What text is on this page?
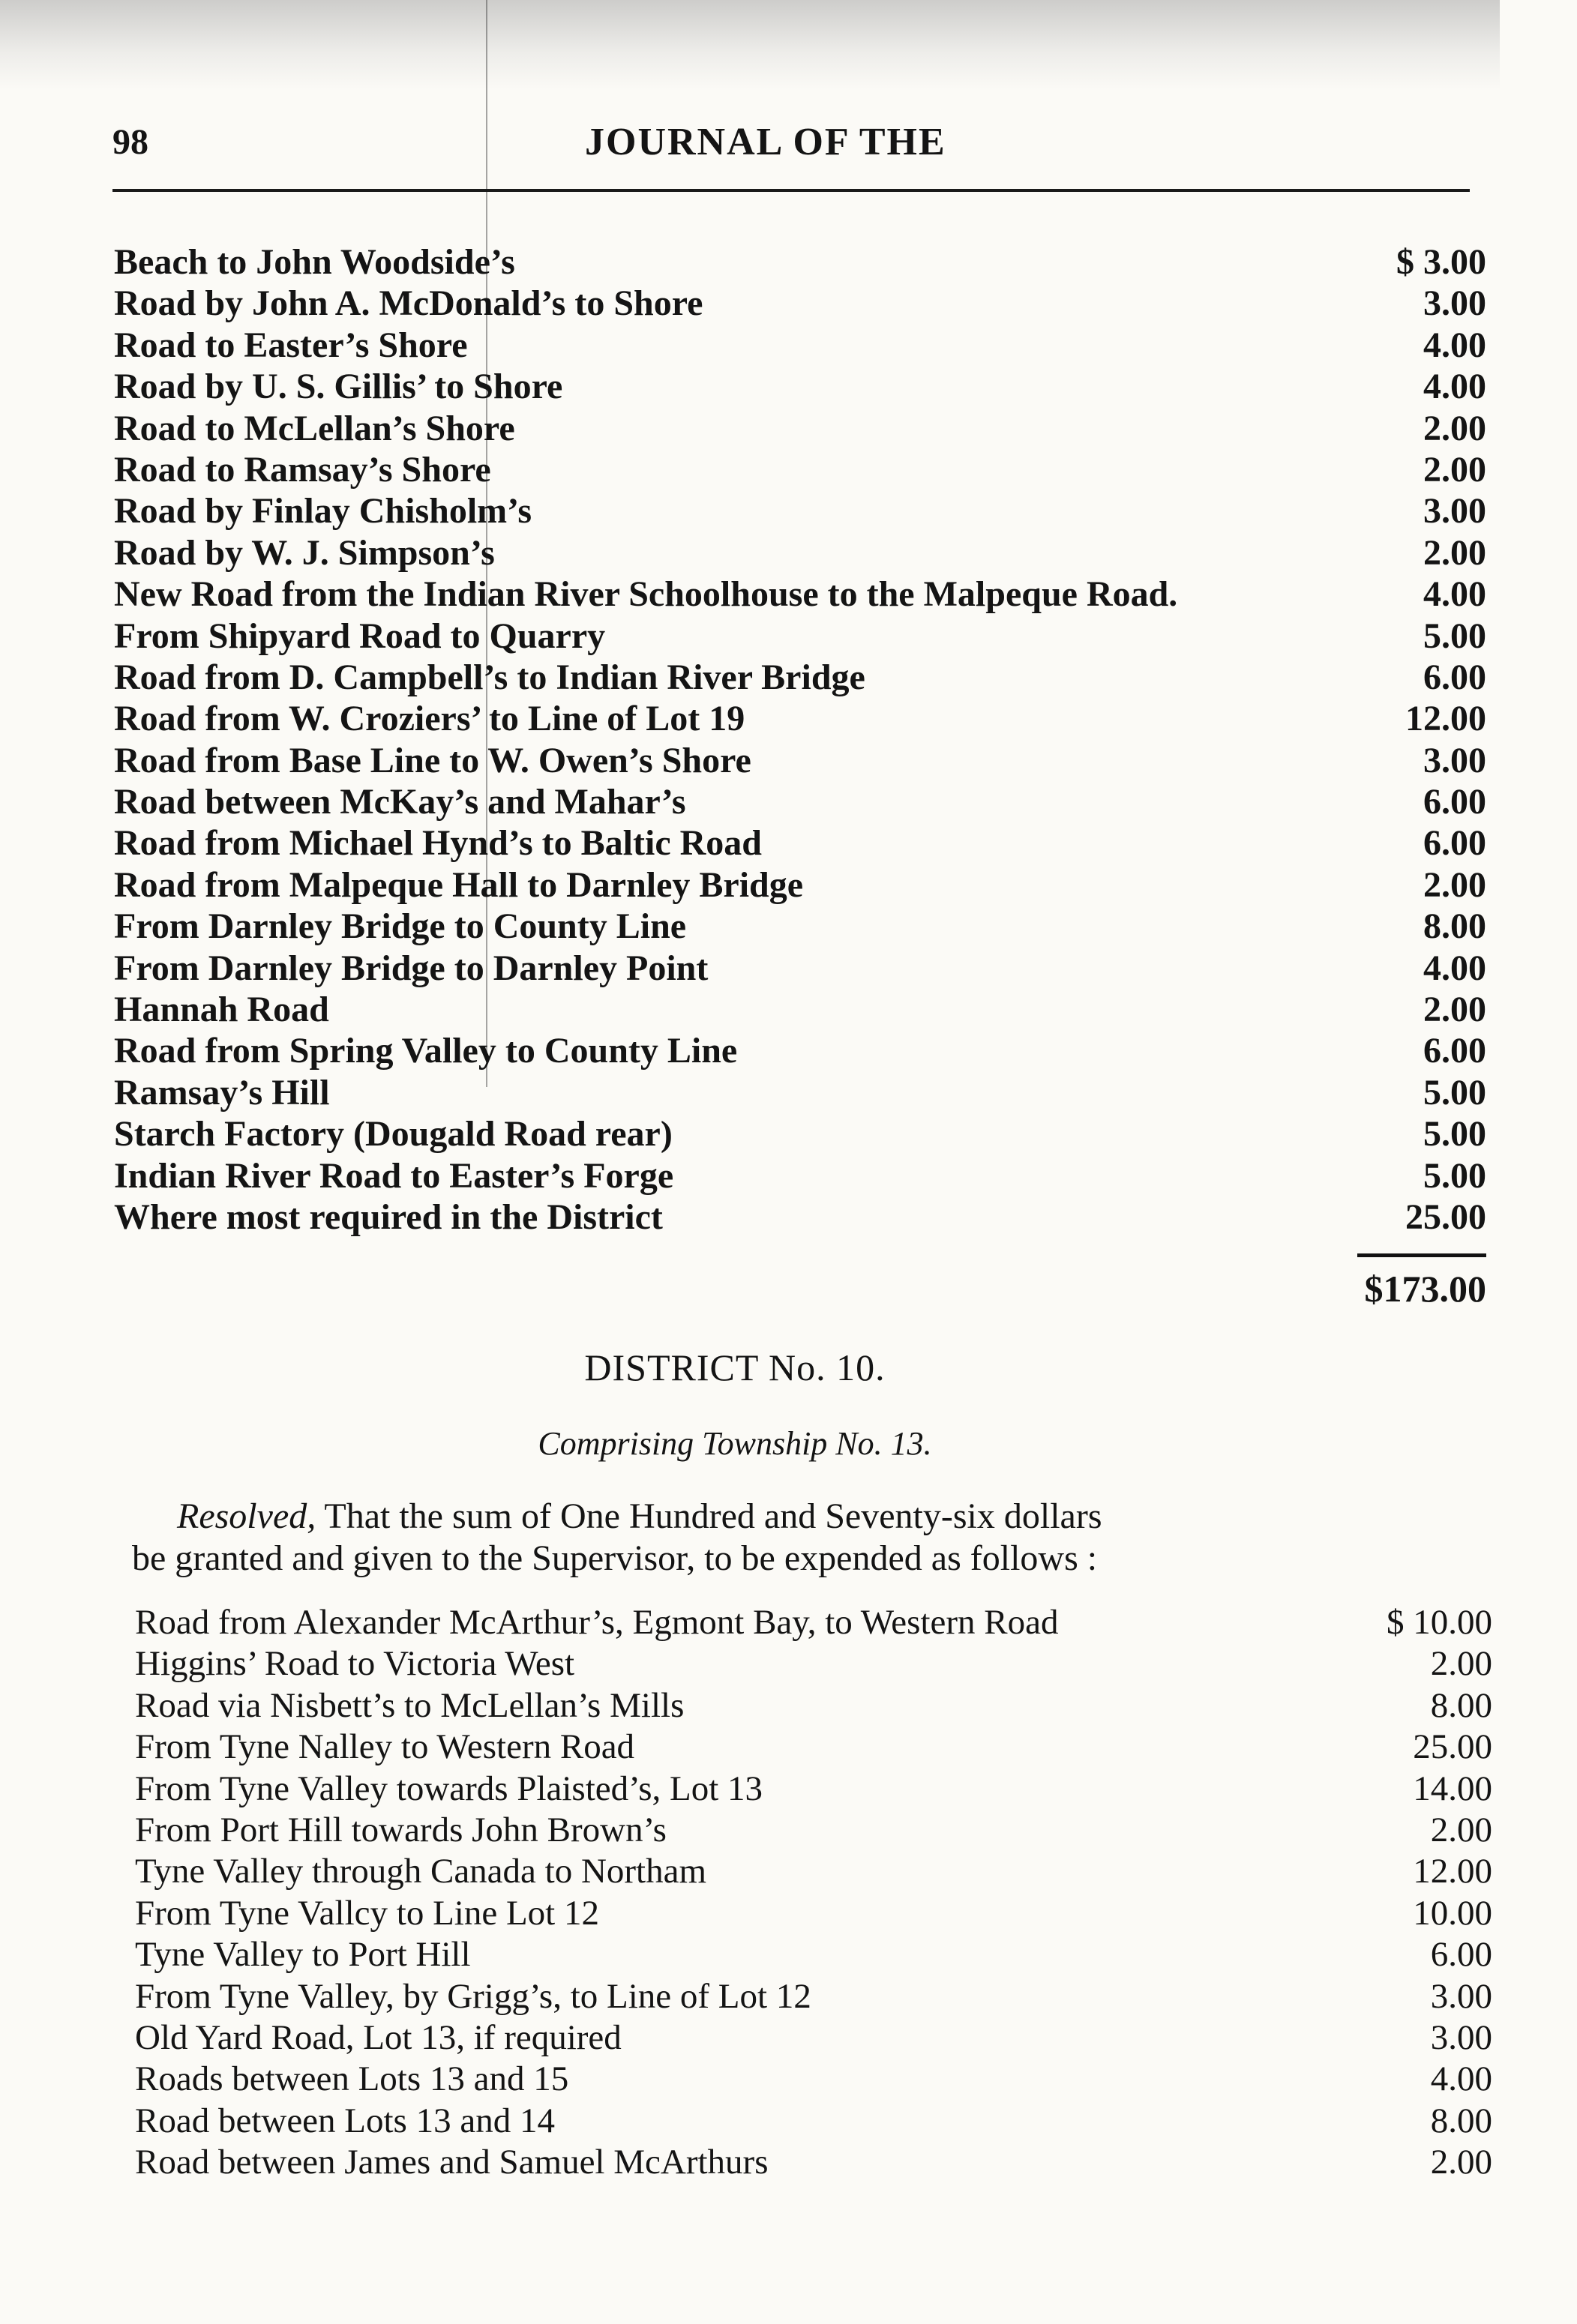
98	JOURNAL OF THE
Beach to John Woodside’s	$ 3.00
Road by John A. McDonald’s to Shore	3.00
Road to Easter’s Shore	4.00
Road by U. S. Gillis’ to Shore	4.00
Road to McLellan’s Shore	2.00
Road to Ramsay’s Shore	2.00
Road by Finlay Chisholm’s	3.00
Road by W. J. Simpson’s	2.00
New Road from the Indian River Schoolhouse to the Malpeque Road.	4.00
From Shipyard Road to Quarry	5.00
Road from D. Campbell’s to Indian River Bridge	6.00
Road from W. Croziers’ to Line of Lot 19	12.00
Road from Base Line to W. Owen’s Shore	3.00
Road between McKay’s and Mahar’s	6.00
Road from Michael Hynd’s to Baltic Road	6.00
Road from Malpeque Hall to Darnley Bridge	2.00
From Darnley Bridge to County Line	8.00
From Darnley Bridge to Darnley Point	4.00
Hannah Road	2.00
Road from Spring Valley to County Line	6.00
Ramsay’s Hill	5.00
Starch Factory (Dougald Road rear)	5.00
Indian River Road to Easter’s Forge	5.00
Where most required in the District	25.00
$173.00
DISTRICT No. 10.
Comprising Township No. 13.
Resolved, That the sum of One Hundred and Seventy-six dollars
be granted and given to the Supervisor, to be expended as follows :
Road from Alexander McArthur’s, Egmont Bay, to Western Road	$ 10.00
Higgins’ Road to Victoria West	2.00
Road via Nisbett’s to McLellan’s Mills	8.00
From Tyne Nalley to Western Road	25.00
From Tyne Valley towards Plaisted’s, Lot 13	14.00
From Port Hill towards John Brown’s	2.00
Tyne Valley through Canada to Northam	12.00
From Tyne Vallcy to Line Lot 12	10.00
Tyne Valley to Port Hill	6.00
From Tyne Valley, by Grigg’s, to Line of Lot 12	3.00
Old Yard Road, Lot 13, if required	3.00
Roads between Lots 13 and 15	4.00
Road between Lots 13 and 14	8.00
Road between James and Samuel McArthurs	2.00
